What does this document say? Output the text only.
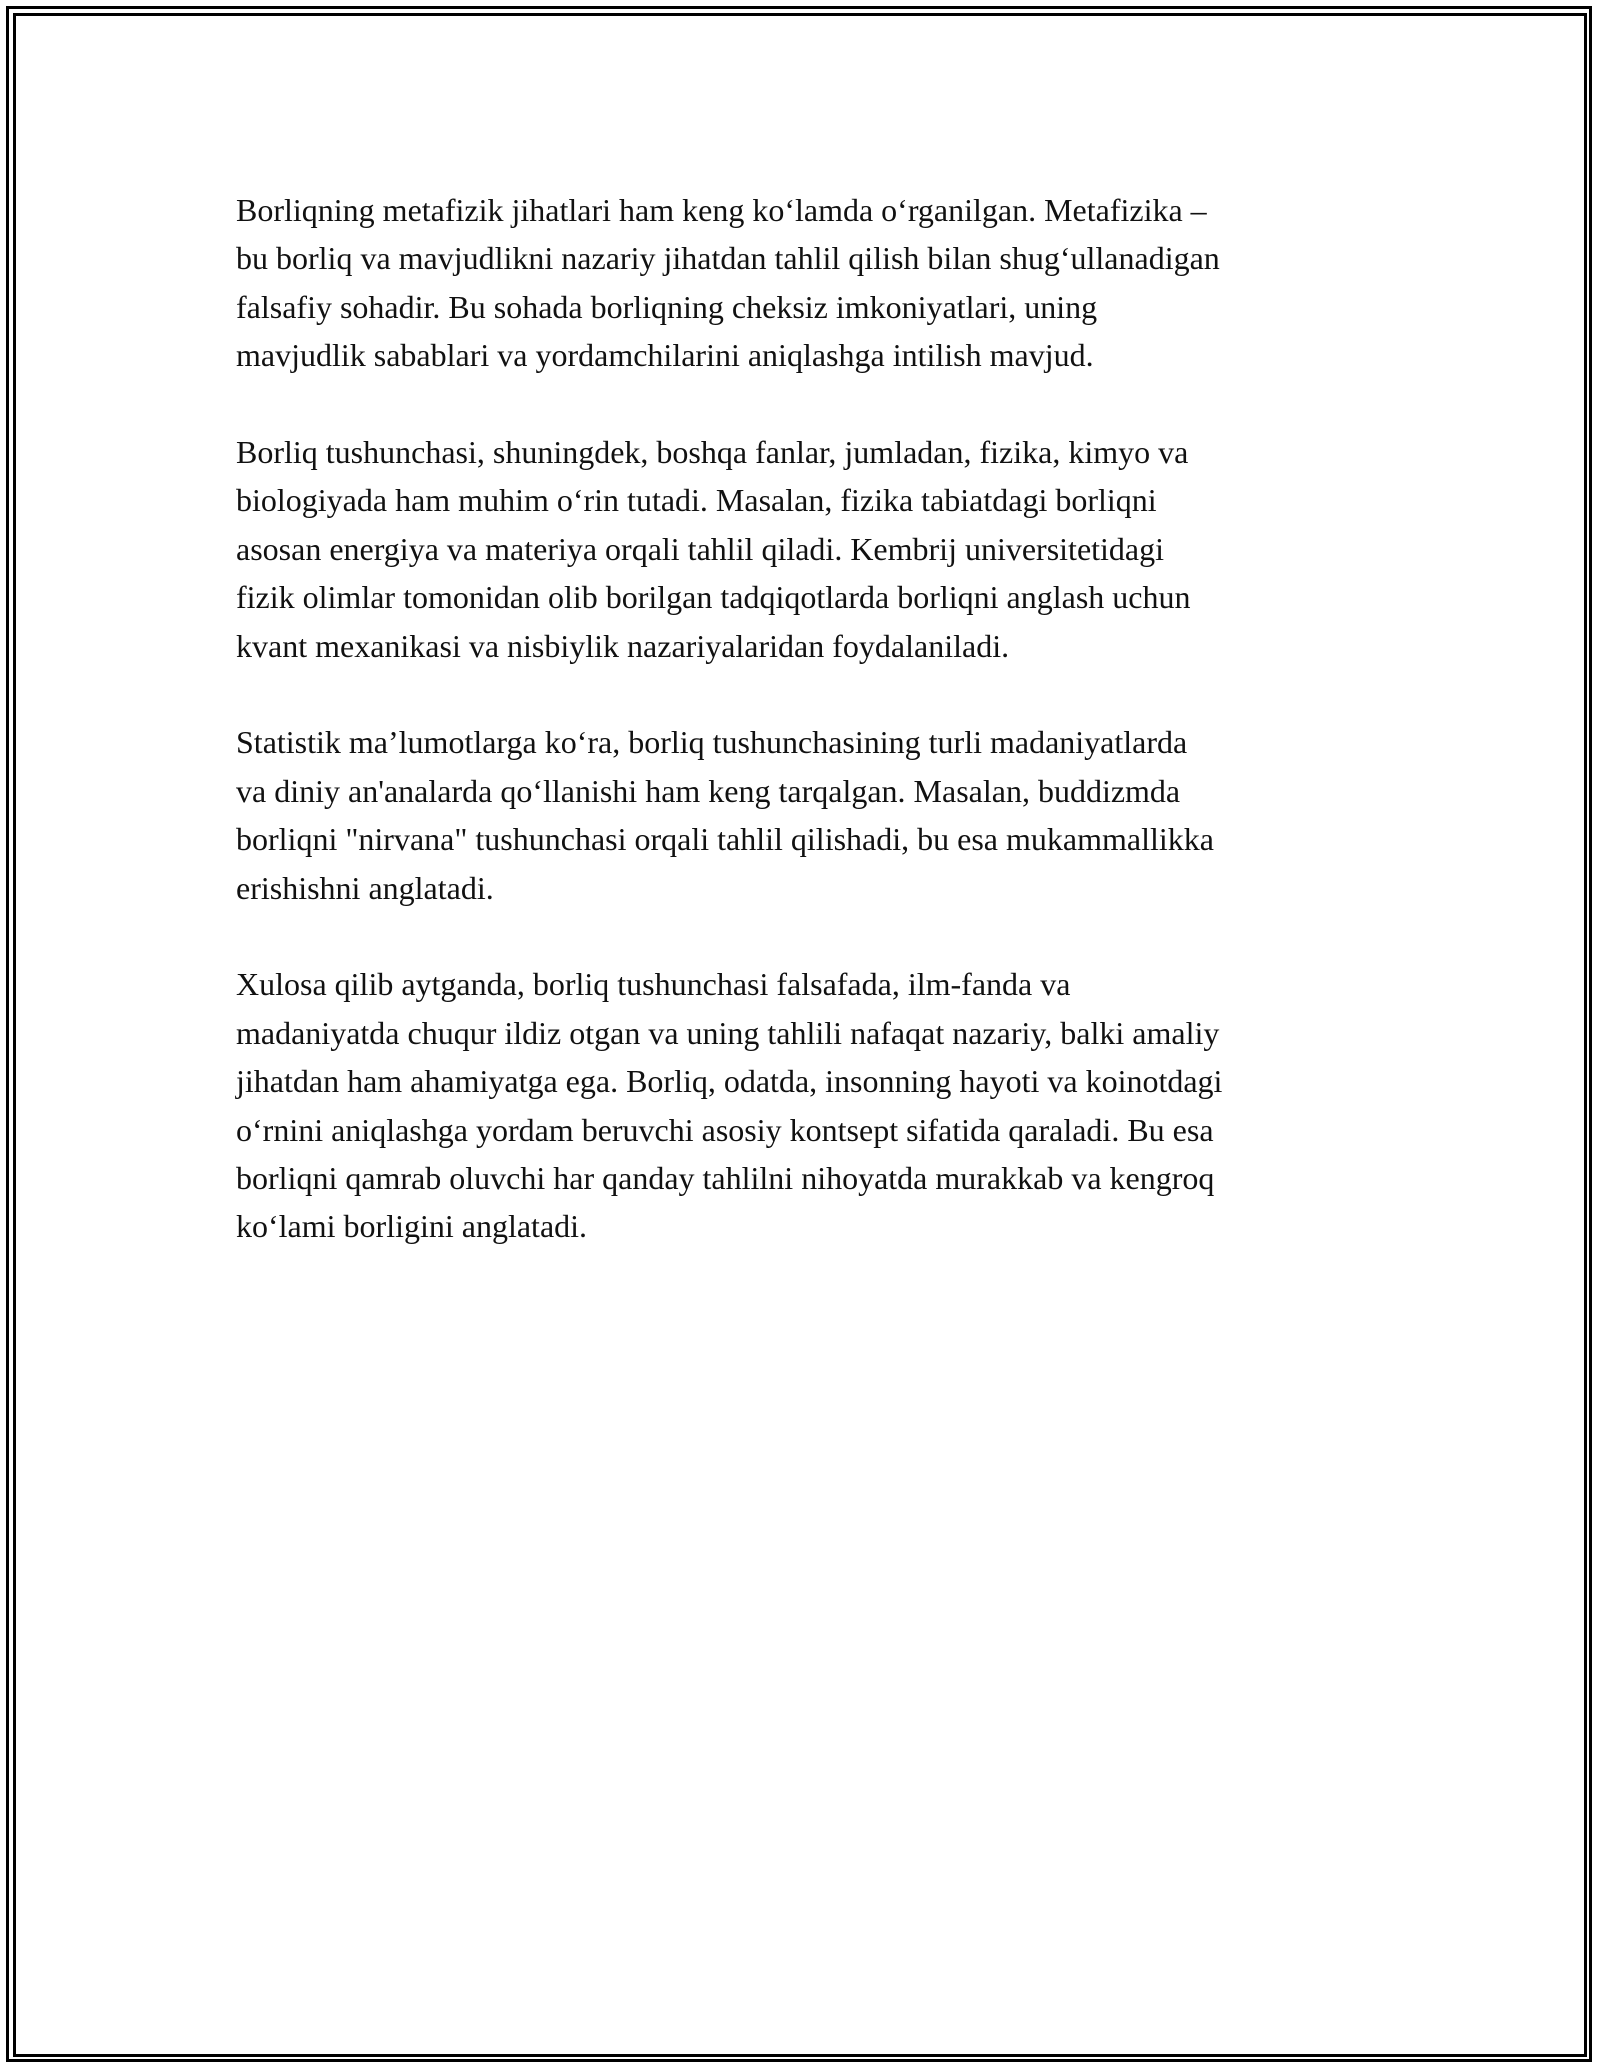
Borliqning metafizik jihatlari ham keng ko‘lamda o‘rganilgan. Metafizika –
bu borliq va mavjudlikni nazariy jihatdan tahlil qilish bilan shug‘ullanadigan
falsafiy sohadir. Bu sohada borliqning cheksiz imkoniyatlari, uning
mavjudlik sabablari va yordamchilarini aniqlashga intilish mavjud.

Borliq tushunchasi, shuningdek, boshqa fanlar, jumladan, fizika, kimyo va
biologiyada ham muhim o‘rin tutadi. Masalan, fizika tabiatdagi borliqni
asosan energiya va materiya orqali tahlil qiladi. Kembrij universitetidagi
fizik olimlar tomonidan olib borilgan tadqiqotlarda borliqni anglash uchun
kvant mexanikasi va nisbiylik nazariyalaridan foydalaniladi.

Statistik ma’lumotlarga ko‘ra, borliq tushunchasining turli madaniyatlarda
va diniy an'analarda qo‘llanishi ham keng tarqalgan. Masalan, buddizmda
borliqni "nirvana" tushunchasi orqali tahlil qilishadi, bu esa mukammallikka
erishishni anglatadi.

Xulosa qilib aytganda, borliq tushunchasi falsafada, ilm-fanda va
madaniyatda chuqur ildiz otgan va uning tahlili nafaqat nazariy, balki amaliy
jihatdan ham ahamiyatga ega. Borliq, odatda, insonning hayoti va koinotdagi
o‘rnini aniqlashga yordam beruvchi asosiy kontsept sifatida qaraladi. Bu esa
borliqni qamrab oluvchi har qanday tahlilni nihoyatda murakkab va kengroq
ko‘lami borligini anglatadi.
